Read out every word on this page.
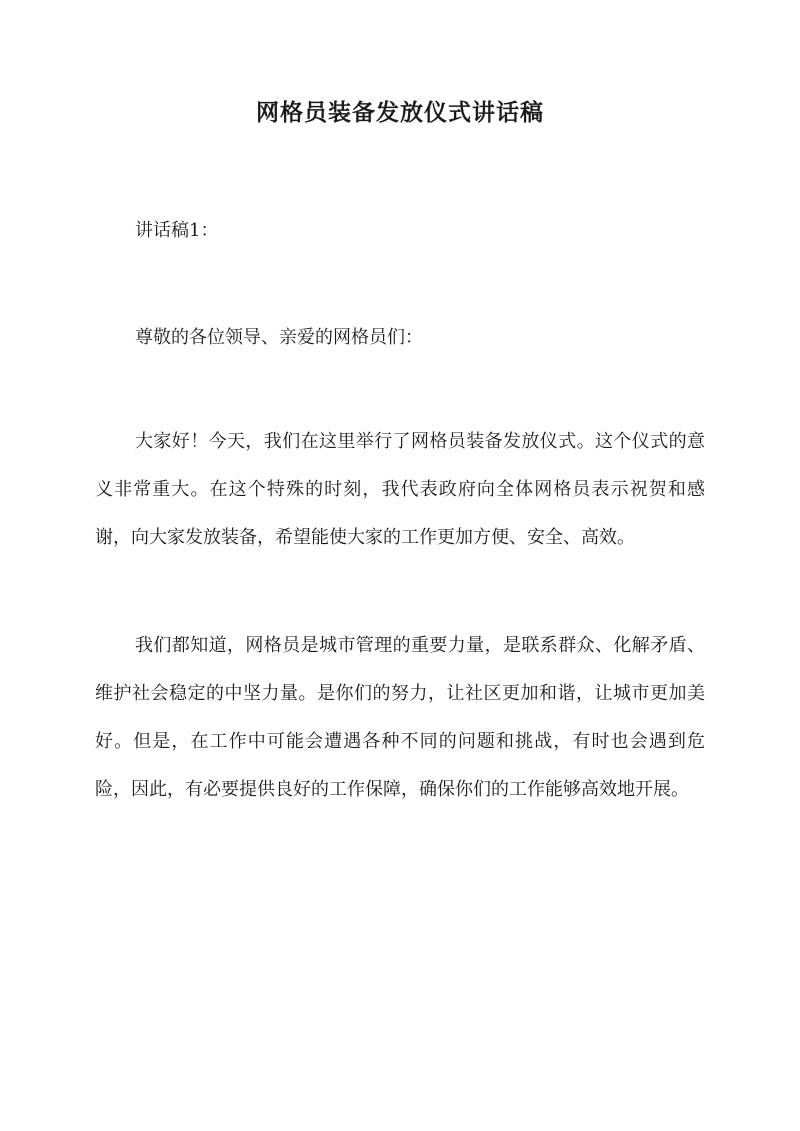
网格员装备发放仪式讲话稿

讲话稿1：

尊敬的各位领导、亲爱的网格员们：

大家好！今天，我们在这里举行了网格员装备发放仪式。这个仪式的意义非常重大。在这个特殊的时刻，我代表政府向全体网格员表示祝贺和感谢，向大家发放装备，希望能使大家的工作更加方便、安全、高效。

我们都知道，网格员是城市管理的重要力量，是联系群众、化解矛盾、维护社会稳定的中坚力量。是你们的努力，让社区更加和谐，让城市更加美好。但是，在工作中可能会遭遇各种不同的问题和挑战，有时也会遇到危险，因此，有必要提供良好的工作保障，确保你们的工作能够高效地开展。
